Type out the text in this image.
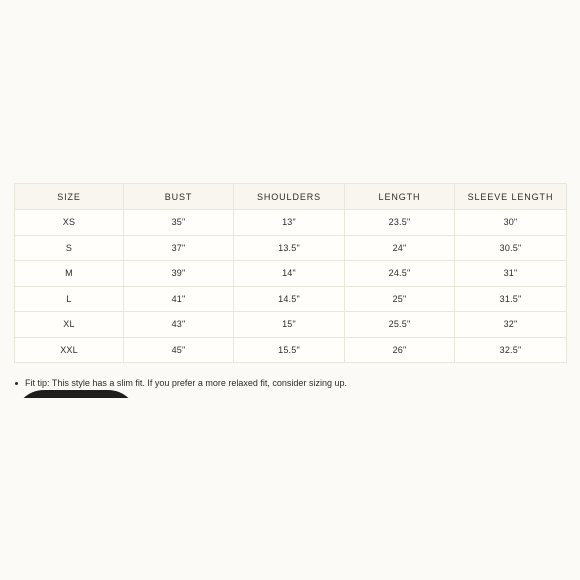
SIZE	BUST	SHOULDERS	LENGTH	SLEEVE LENGTH
XS	35"	13"	23.5"	30"
S	37"	13.5"	24"	30.5"
M	39"	14"	24.5"	31"
L	41"	14.5"	25"	31.5"
XL	43"	15"	25.5"	32"
XXL	45"	15.5"	26"	32.5"
Fit tip: This style has a slim fit. If you prefer a more relaxed fit, consider sizing up.
